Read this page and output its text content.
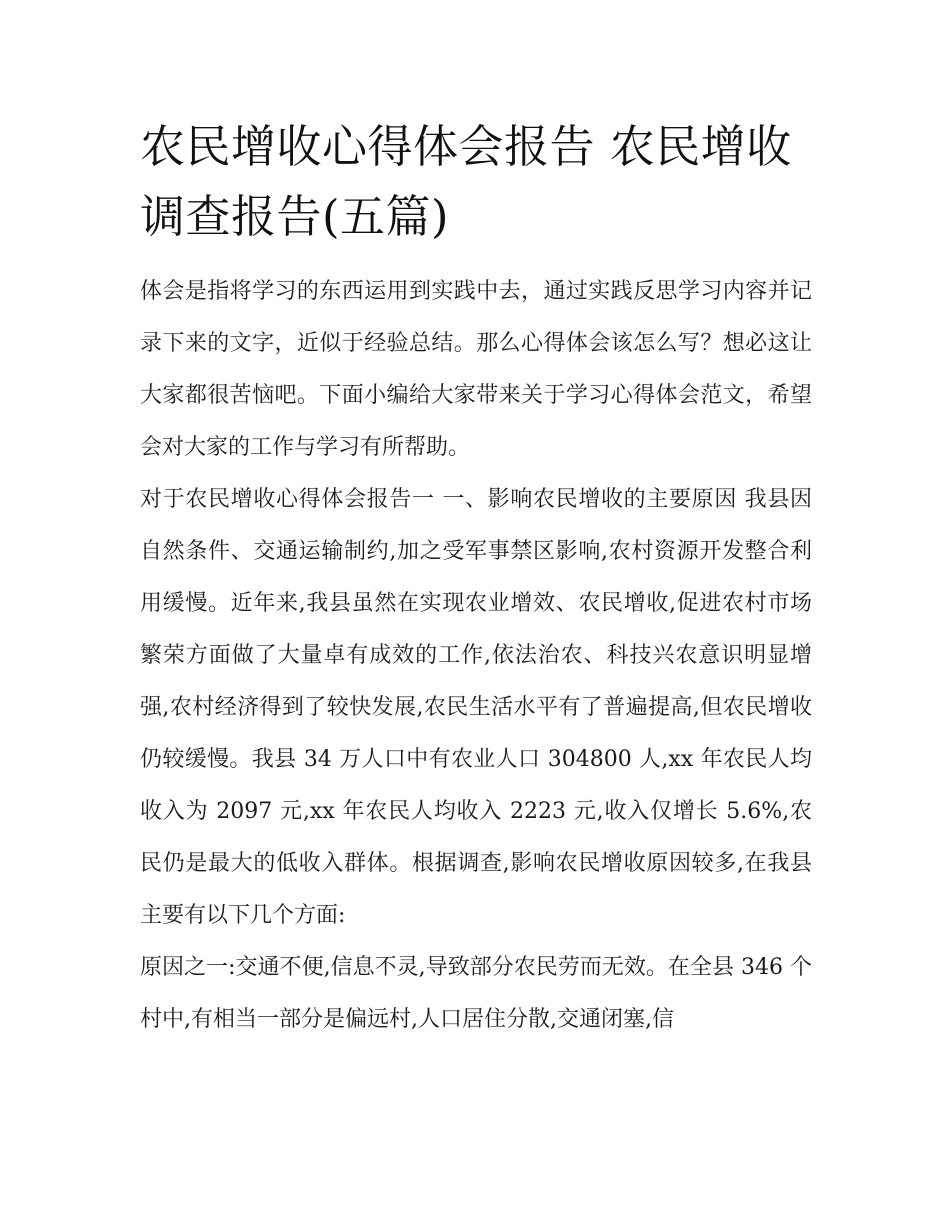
农民增收心得体会报告 农民增收调查报告(五篇)

体会是指将学习的东西运用到实践中去，通过实践反思学习内容并记录下来的文字，近似于经验总结。那么心得体会该怎么写？想必这让大家都很苦恼吧。下面小编给大家带来关于学习心得体会范文，希望会对大家的工作与学习有所帮助。

对于农民增收心得体会报告一 一、影响农民增收的主要原因 我县因自然条件、交通运输制约,加之受军事禁区影响,农村资源开发整合利用缓慢。近年来,我县虽然在实现农业增效、农民增收,促进农村市场繁荣方面做了大量卓有成效的工作,依法治农、科技兴农意识明显增强,农村经济得到了较快发展,农民生活水平有了普遍提高,但农民增收仍较缓慢。我县 34 万人口中有农业人口 304800 人,xx 年农民人均收入为 2097 元,xx 年农民人均收入 2223 元,收入仅增长 5.6%,农民仍是最大的低收入群体。根据调查,影响农民增收原因较多,在我县主要有以下几个方面:

原因之一:交通不便,信息不灵,导致部分农民劳而无效。在全县 346 个村中,有相当一部分是偏远村,人口居住分散,交通闭塞,信
